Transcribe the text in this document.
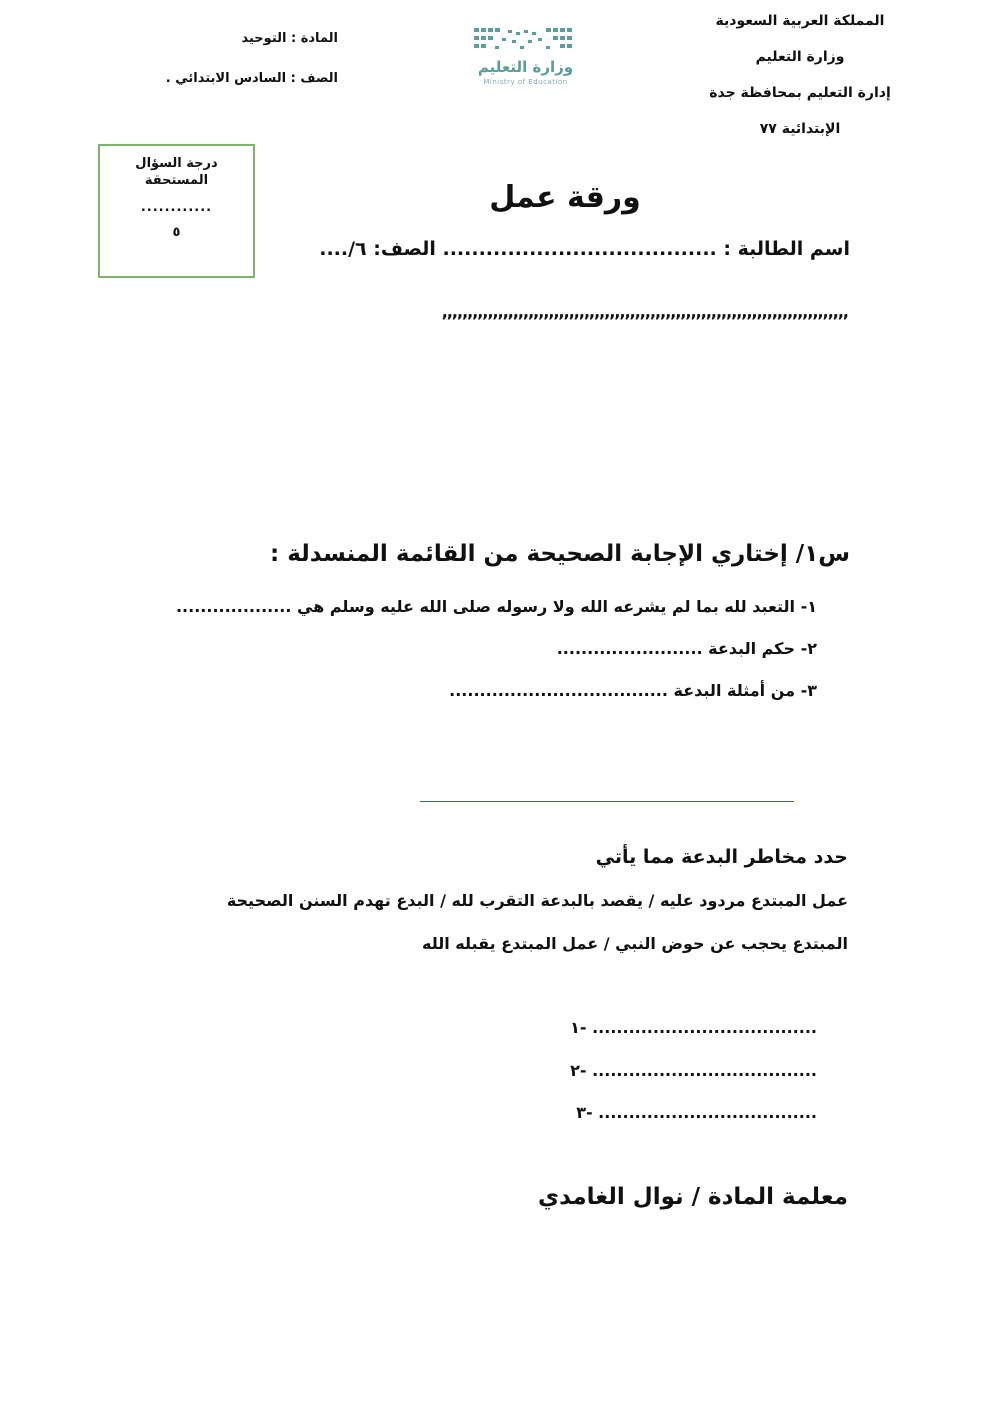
المملكة العربية السعودية
وزارة التعليم
إدارة التعليم بمحافظة جدة
الإبتدائية ٧٧
وزارة التعليم
Ministry of Education
المادة : التوحيد
الصف : السادس الابتدائي .
درجة السؤال
المستحقة
............
٥
ورقة عمل
اسم الطالبة : ...................................... الصف: ٦/....
,,,,,,,,,,,,,,,,,,,,,,,,,,,,,,,,,,,,,,,,,,,,,,,,,,,,,,,,,,,,,,,,,,,,,,,,,,,,,,,,
س١/ إختاري الإجابة الصحيحة من القائمة المنسدلة :
١- التعبد لله بما لم يشرعه الله ولا رسوله صلى الله عليه وسلم هي ...................
٢- حكم البدعة ........................
٣- من أمثلة البدعة ....................................
حدد مخاطر البدعة مما يأتي
عمل المبتدع مردود عليه / يقصد بالبدعة التقرب لله / البدع تهدم السنن الصحيحة
المبتدع يحجب عن حوض النبي / عمل المبتدع يقبله الله
١- .....................................
٢- .....................................
٣- ....................................
معلمة المادة / نوال الغامدي
